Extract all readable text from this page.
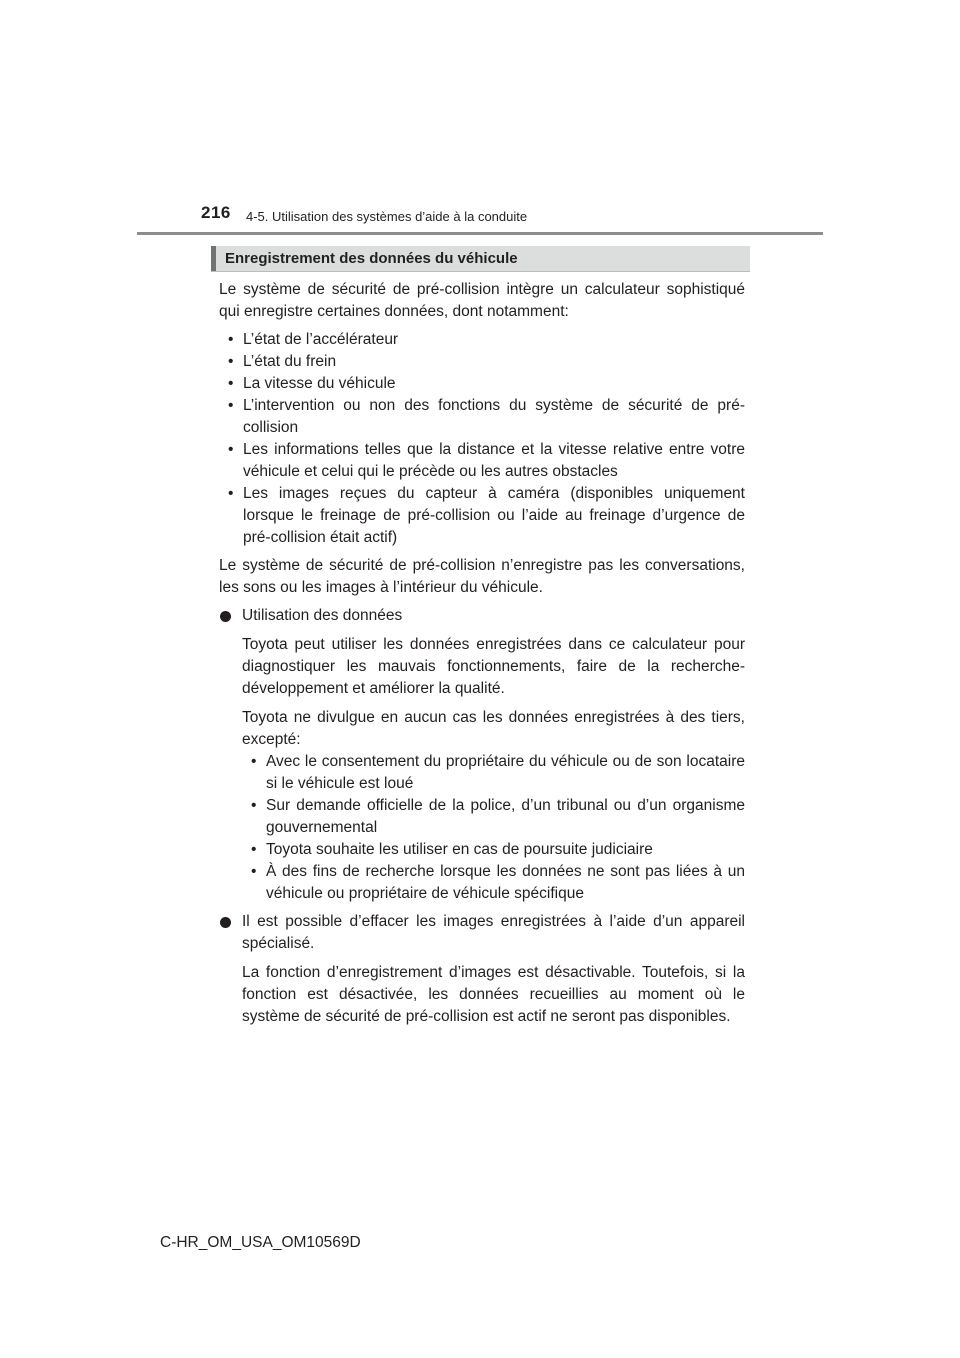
216 4-5. Utilisation des systèmes d’aide à la conduite
Enregistrement des données du véhicule

Le système de sécurité de pré-collision intègre un calculateur sophistiqué qui enregistre certaines données, dont notamment:

• L’état de l’accélérateur
• L’état du frein
• La vitesse du véhicule
• L’intervention ou non des fonctions du système de sécurité de pré-collision
• Les informations telles que la distance et la vitesse relative entre votre véhicule et celui qui le précède ou les autres obstacles
• Les images reçues du capteur à caméra (disponibles uniquement lorsque le freinage de pré-collision ou l’aide au freinage d’urgence de pré-collision était actif)

Le système de sécurité de pré-collision n’enregistre pas les conversations, les sons ou les images à l’intérieur du véhicule.

Utilisation des données

Toyota peut utiliser les données enregistrées dans ce calculateur pour diagnostiquer les mauvais fonctionnements, faire de la recherche-développement et améliorer la qualité.

Toyota ne divulgue en aucun cas les données enregistrées à des tiers, excepté:

• Avec le consentement du propriétaire du véhicule ou de son locataire si le véhicule est loué
• Sur demande officielle de la police, d’un tribunal ou d’un organisme gouvernemental
• Toyota souhaite les utiliser en cas de poursuite judiciaire
• À des fins de recherche lorsque les données ne sont pas liées à un véhicule ou propriétaire de véhicule spécifique
Il est possible d’effacer les images enregistrées à l’aide d’un appareil spécialisé.

La fonction d’enregistrement d’images est désactivable. Toutefois, si la fonction est désactivée, les données recueillies au moment où le système de sécurité de pré-collision est actif ne seront pas disponibles.

C-HR_OM_USA_OM10569D
